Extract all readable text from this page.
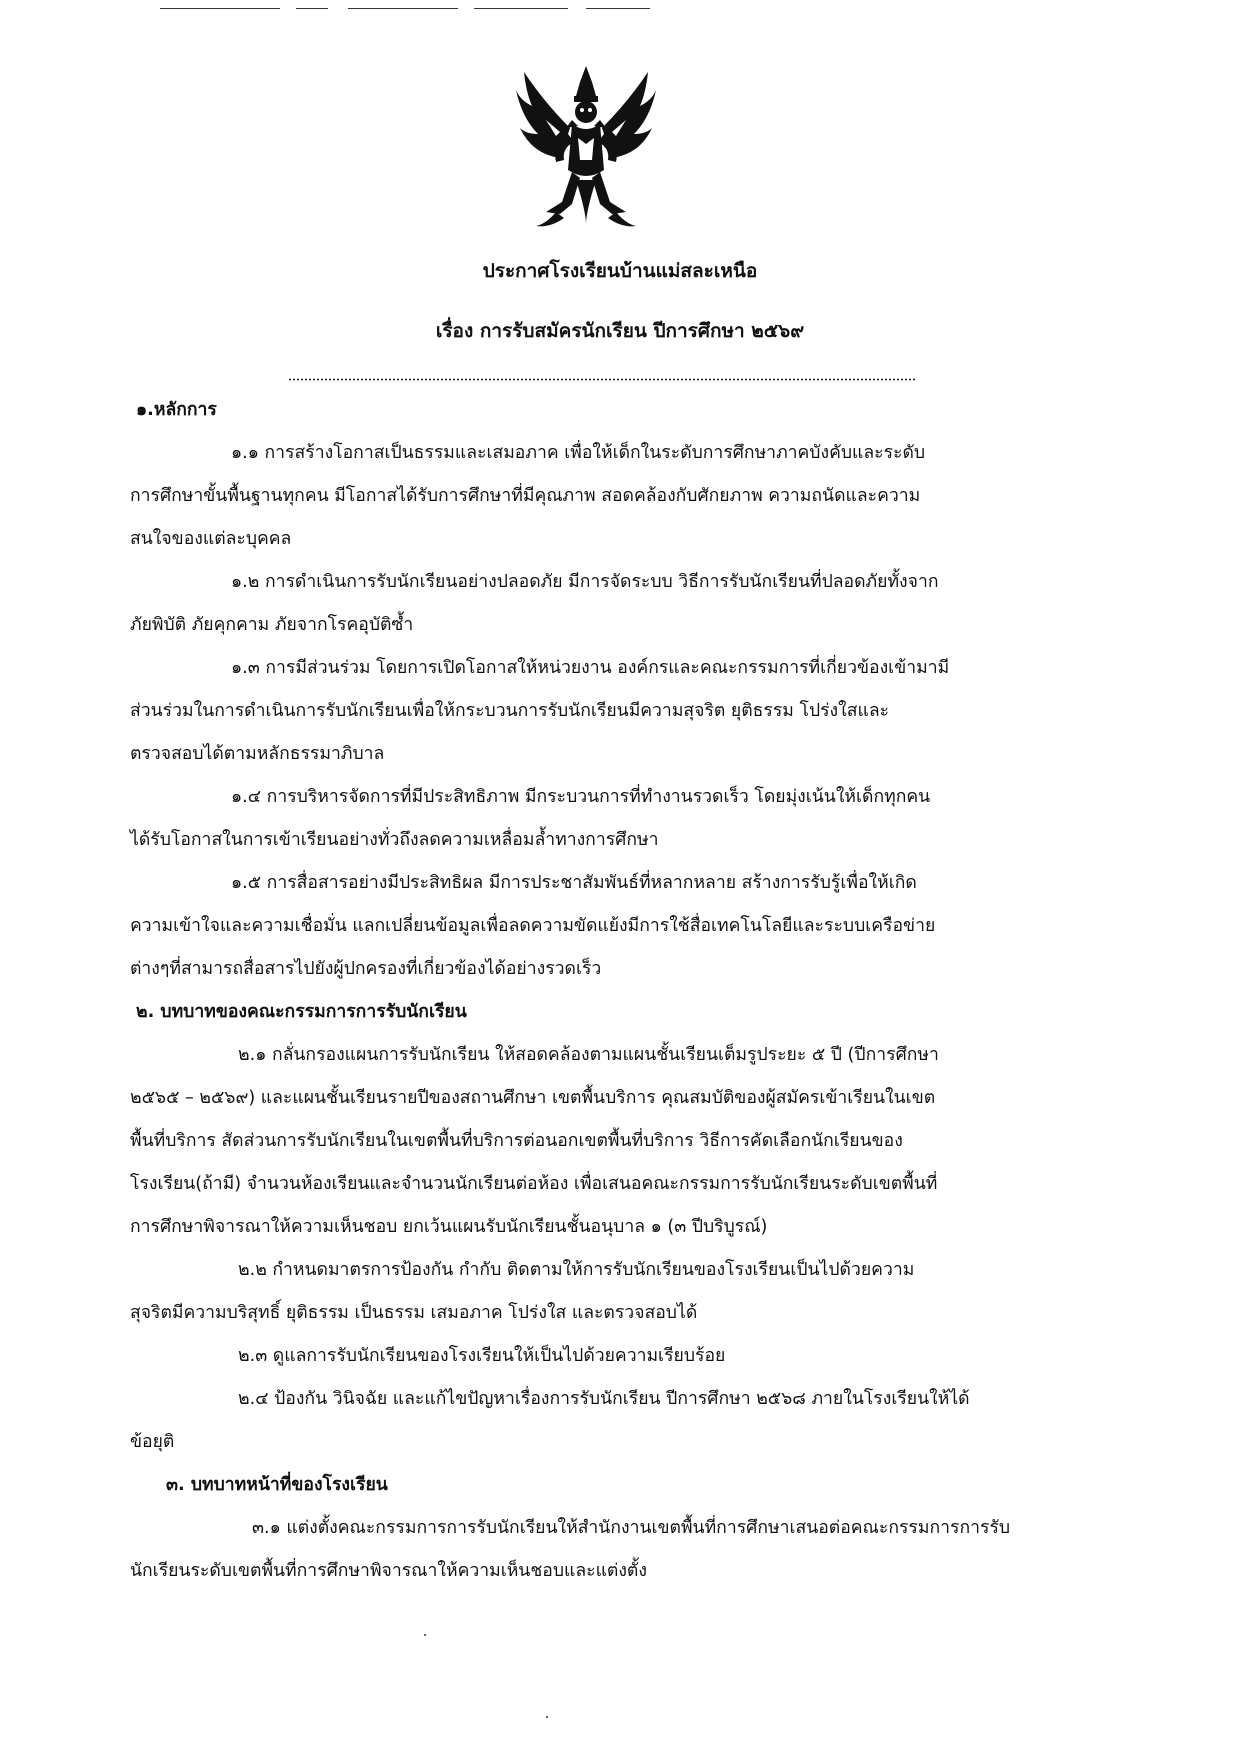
ประกาศโรงเรียนบ้านแม่สละเหนือ
เรื่อง การรับสมัครนักเรียน ปีการศึกษา ๒๕๖๙
๑.หลักการ
๑.๑ การสร้างโอกาสเป็นธรรมและเสมอภาค เพื่อให้เด็กในระดับการศึกษาภาคบังคับและระดับ
การศึกษาขั้นพื้นฐานทุกคน มีโอกาสได้รับการศึกษาที่มีคุณภาพ สอดคล้องกับศักยภาพ ความถนัดและความ
สนใจของแต่ละบุคคล
๑.๒ การดำเนินการรับนักเรียนอย่างปลอดภัย มีการจัดระบบ วิธีการรับนักเรียนที่ปลอดภัยทั้งจาก
ภัยพิบัติ ภัยคุกคาม ภัยจากโรคอุบัติซ้ำ
๑.๓ การมีส่วนร่วม โดยการเปิดโอกาสให้หน่วยงาน องค์กรและคณะกรรมการที่เกี่ยวข้องเข้ามามี
ส่วนร่วมในการดำเนินการรับนักเรียนเพื่อให้กระบวนการรับนักเรียนมีความสุจริต ยุติธรรม โปร่งใสและ
ตรวจสอบได้ตามหลักธรรมาภิบาล
๑.๔ การบริหารจัดการที่มีประสิทธิภาพ มีกระบวนการที่ทำงานรวดเร็ว โดยมุ่งเน้นให้เด็กทุกคน
ได้รับโอกาสในการเข้าเรียนอย่างทั่วถึงลดความเหลื่อมล้ำทางการศึกษา
๑.๕ การสื่อสารอย่างมีประสิทธิผล มีการประชาสัมพันธ์ที่หลากหลาย สร้างการรับรู้เพื่อให้เกิด
ความเข้าใจและความเชื่อมั่น แลกเปลี่ยนข้อมูลเพื่อลดความขัดแย้งมีการใช้สื่อเทคโนโลยีและระบบเครือข่าย
ต่างๆที่สามารถสื่อสารไปยังผู้ปกครองที่เกี่ยวข้องได้อย่างรวดเร็ว
๒. บทบาทของคณะกรรมการการรับนักเรียน
๒.๑ กลั่นกรองแผนการรับนักเรียน ให้สอดคล้องตามแผนชั้นเรียนเต็มรูประยะ ๕ ปี (ปีการศึกษา
๒๕๖๕ – ๒๕๖๙) และแผนชั้นเรียนรายปีของสถานศึกษา เขตพื้นบริการ คุณสมบัติของผู้สมัครเข้าเรียนในเขต
พื้นที่บริการ สัดส่วนการรับนักเรียนในเขตพื้นที่บริการต่อนอกเขตพื้นที่บริการ วิธีการคัดเลือกนักเรียนของ
โรงเรียน(ถ้ามี) จำนวนห้องเรียนและจำนวนนักเรียนต่อห้อง เพื่อเสนอคณะกรรมการรับนักเรียนระดับเขตพื้นที่
การศึกษาพิจารณาให้ความเห็นชอบ ยกเว้นแผนรับนักเรียนชั้นอนุบาล ๑ (๓ ปีบริบูรณ์)
๒.๒ กำหนดมาตรการป้องกัน กำกับ ติดตามให้การรับนักเรียนของโรงเรียนเป็นไปด้วยความ
สุจริตมีความบริสุทธิ์ ยุติธรรม เป็นธรรม เสมอภาค โปร่งใส และตรวจสอบได้
๒.๓ ดูแลการรับนักเรียนของโรงเรียนให้เป็นไปด้วยความเรียบร้อย
๒.๔ ป้องกัน วินิจฉัย และแก้ไขปัญหาเรื่องการรับนักเรียน ปีการศึกษา ๒๕๖๘ ภายในโรงเรียนให้ได้
ข้อยุติ
๓. บทบาทหน้าที่ของโรงเรียน
๓.๑ แต่งตั้งคณะกรรมการการรับนักเรียนให้สำนักงานเขตพื้นที่การศึกษาเสนอต่อคณะกรรมการการรับ
นักเรียนระดับเขตพื้นที่การศึกษาพิจารณาให้ความเห็นชอบและแต่งตั้ง
